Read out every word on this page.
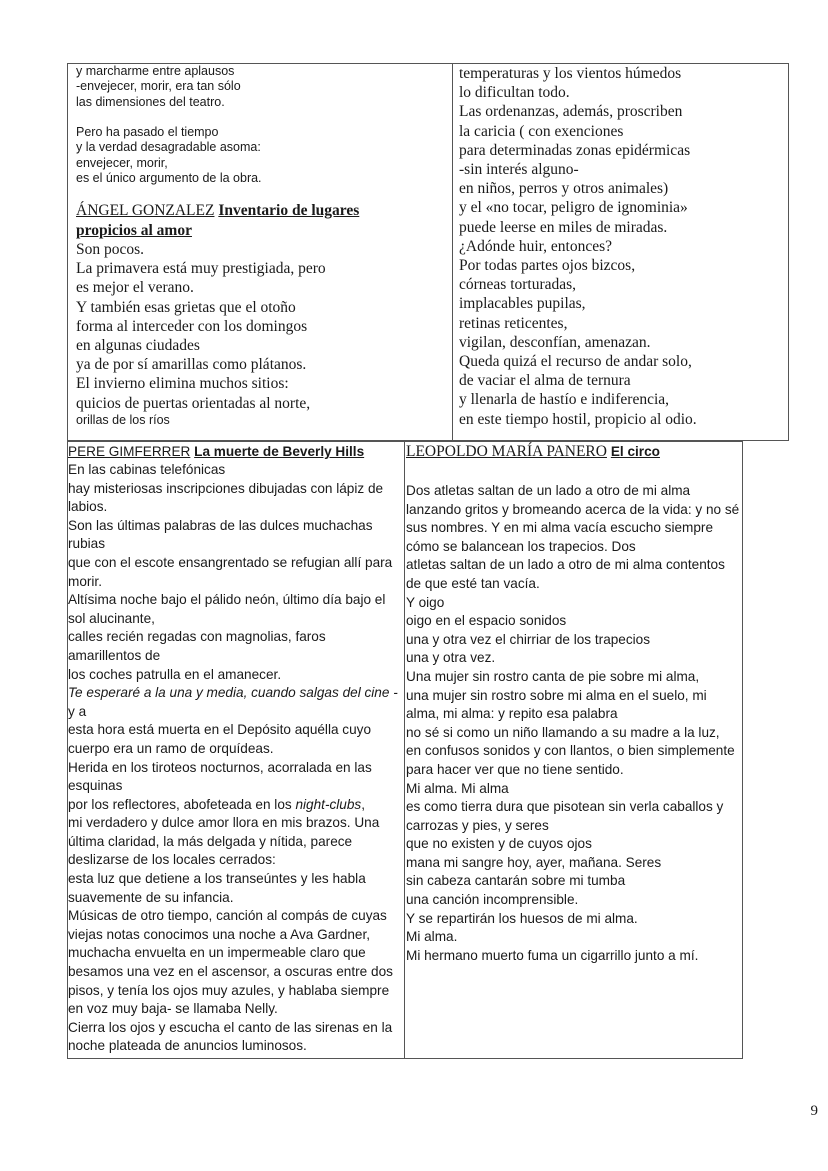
y marcharme entre aplausos
-envejecer, morir, era tan sólo
las dimensiones del teatro.
Pero ha pasado el tiempo
y la verdad desagradable asoma:
envejecer, morir,
es el único argumento de la obra.
ÁNGEL GONZALEZ Inventario de lugares
propicios al amor
Son pocos.
La primavera está muy prestigiada, pero
es mejor el verano.
Y también esas grietas que el otoño
forma al interceder con los domingos
en algunas ciudades
ya de por sí amarillas como plátanos.
El invierno elimina muchos sitios:
quicios de puertas orientadas al norte,
orillas de los ríos
temperaturas y los vientos húmedos
lo dificultan todo.
Las ordenanzas, además, proscriben
la caricia ( con exenciones
para determinadas zonas epidérmicas
-sin interés alguno-
en niños, perros y otros animales)
y el «no tocar, peligro de ignominia»
puede leerse en miles de miradas.
¿Adónde huir, entonces?
Por todas partes ojos bizcos,
córneas torturadas,
implacables pupilas,
retinas reticentes,
vigilan, desconfían, amenazan.
Queda quizá el recurso de andar solo,
de vaciar el alma de ternura
y llenarla de hastío e indiferencia,
en este tiempo hostil, propicio al odio.
PERE GIMFERRER La muerte de Beverly Hills
En las cabinas telefónicas
hay misteriosas inscripciones dibujadas con lápiz de
labios.
Son las últimas palabras de las dulces muchachas
rubias
que con el escote ensangrentado se refugian allí para
morir.
Altísima noche bajo el pálido neón, último día bajo el
sol alucinante,
calles recién regadas con magnolias, faros
amarillentos de
los coches patrulla en el amanecer.
Te esperaré a la una y media, cuando salgas del cine -
y a
esta hora está muerta en el Depósito aquélla cuyo
cuerpo era un ramo de orquídeas.
Herida en los tiroteos nocturnos, acorralada en las
esquinas
por los reflectores, abofeteada en los night-clubs,
mi verdadero y dulce amor llora en mis brazos. Una
última claridad, la más delgada y nítida, parece
deslizarse de los locales cerrados:
esta luz que detiene a los transeúntes y les habla
suavemente de su infancia.
Músicas de otro tiempo, canción al compás de cuyas
viejas notas conocimos una noche a Ava Gardner,
muchacha envuelta en un impermeable claro que
besamos una vez en el ascensor, a oscuras entre dos
pisos, y tenía los ojos muy azules, y hablaba siempre
en voz muy baja- se llamaba Nelly.
Cierra los ojos y escucha el canto de las sirenas en la
noche plateada de anuncios luminosos.
LEOPOLDO MARÍA PANERO El circo
Dos atletas saltan de un lado a otro de mi alma
lanzando gritos y bromeando acerca de la vida: y no sé
sus nombres. Y en mi alma vacía escucho siempre
cómo se balancean los trapecios. Dos
atletas saltan de un lado a otro de mi alma contentos
de que esté tan vacía.
Y oigo
oigo en el espacio sonidos
una y otra vez el chirriar de los trapecios
una y otra vez.
Una mujer sin rostro canta de pie sobre mi alma,
una mujer sin rostro sobre mi alma en el suelo, mi
alma, mi alma: y repito esa palabra
no sé si como un niño llamando a su madre a la luz,
en confusos sonidos y con llantos, o bien simplemente
para hacer ver que no tiene sentido.
Mi alma. Mi alma
es como tierra dura que pisotean sin verla caballos y
carrozas y pies, y seres
que no existen y de cuyos ojos
mana mi sangre hoy, ayer, mañana. Seres
sin cabeza cantarán sobre mi tumba
una canción incomprensible.
Y se repartirán los huesos de mi alma.
Mi alma.
Mi hermano muerto fuma un cigarrillo junto a mí.
9
